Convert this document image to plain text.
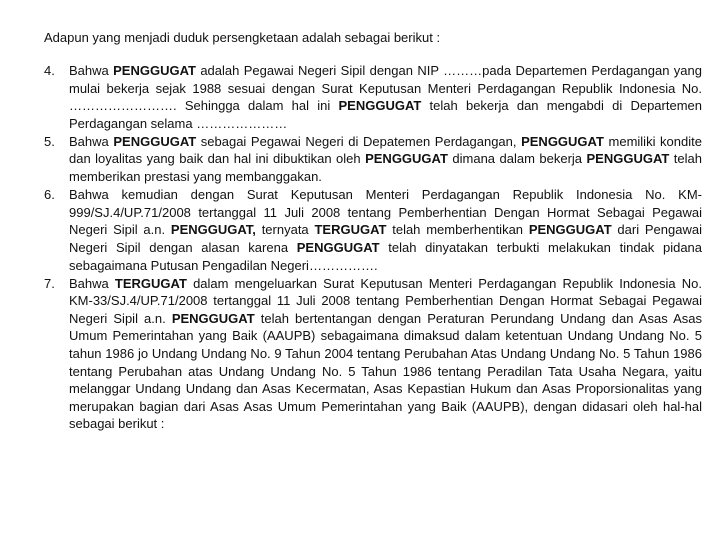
Adapun yang menjadi duduk persengketaan adalah sebagai berikut :

4. Bahwa PENGGUGAT adalah Pegawai Negeri Sipil dengan NIP ………pada Departemen Perdagangan yang mulai bekerja sejak 1988 sesuai dengan Surat Keputusan Menteri Perdagangan Republik Indonesia No. ……………………. Sehingga dalam hal ini PENGGUGAT telah bekerja dan mengabdi di Departemen Perdagangan selama …………………
5. Bahwa PENGGUGAT sebagai Pegawai Negeri di Depatemen Perdagangan, PENGGUGAT memiliki kondite dan loyalitas yang baik dan hal ini dibuktikan oleh PENGGUGAT dimana dalam bekerja PENGGUGAT telah memberikan prestasi yang membanggakan.
6. Bahwa kemudian dengan Surat Keputusan Menteri Perdagangan Republik Indonesia No. KM-999/SJ.4/UP.71/2008 tertanggal 11 Juli 2008 tentang Pemberhentian Dengan Hormat Sebagai Pegawai Negeri Sipil a.n. PENGGUGAT, ternyata TERGUGAT telah memberhentikan PENGGUGAT dari Pengawai Negeri Sipil dengan alasan karena PENGGUGAT telah dinyatakan terbukti melakukan tindak pidana sebagaimana Putusan Pengadilan Negeri…………….
7. Bahwa TERGUGAT dalam mengeluarkan Surat Keputusan Menteri Perdagangan Republik Indonesia No. KM-33/SJ.4/UP.71/2008 tertanggal 11 Juli 2008 tentang Pemberhentian Dengan Hormat Sebagai Pegawai Negeri Sipil a.n. PENGGUGAT telah bertentangan dengan Peraturan Perundang Undang dan Asas Asas Umum Pemerintahan yang Baik (AAUPB) sebagaimana dimaksud dalam ketentuan Undang Undang No. 5 tahun 1986 jo Undang Undang No. 9 Tahun 2004 tentang Perubahan Atas Undang Undang No. 5 Tahun 1986 tentang Perubahan atas Undang Undang No. 5 Tahun 1986 tentang Peradilan Tata Usaha Negara, yaitu melanggar Undang Undang dan Asas Kecermatan, Asas Kepastian Hukum dan Asas Proporsionalitas yang merupakan bagian dari Asas Asas Umum Pemerintahan yang Baik (AAUPB), dengan didasari oleh hal-hal sebagai berikut :
